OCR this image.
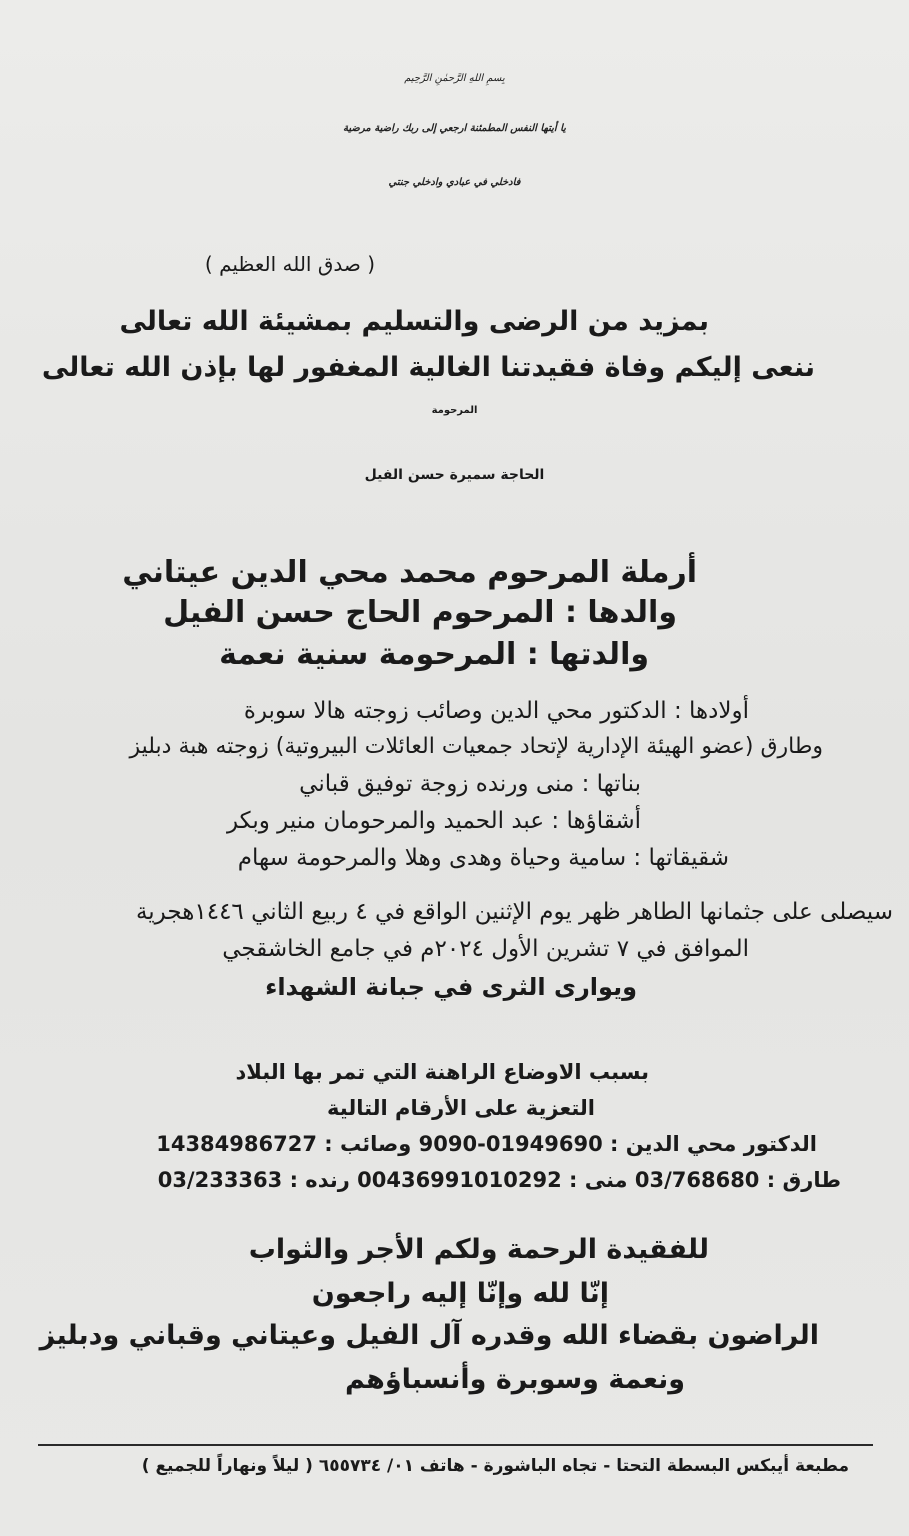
بِسمِ اللهِ الرَّحمٰنِ الرَّحِيم
يا أيتها النفس المطمئنة ارجعي إلى ربك راضية مرضية
فادخلي في عبادي وادخلي جنتي
( صدق الله العظيم )
بمزيد من الرضى والتسليم بمشيئة الله تعالى
ننعى إليكم وفاة فقيدتنا الغالية المغفور لها بإذن الله تعالى
المرحومة
الحاجة سميرة حسن الفيل
أرملة المرحوم محمد محي الدين عيتاني
والدها : المرحوم الحاج حسن الفيل
والدتها : المرحومة سنية نعمة
أولادها : الدكتور محي الدين وصائب زوجته هالا سوبرة
وطارق (عضو الهيئة الإدارية لإتحاد جمعيات العائلات البيروتية) زوجته هبة دبليز
بناتها : منى ورنده زوجة توفيق قباني
أشقاؤها : عبد الحميد والمرحومان منير وبكر
شقيقاتها : سامية وحياة وهدى وهلا والمرحومة سهام
سيصلى على جثمانها الطاهر ظهر يوم الإثنين الواقع في ٤ ربيع الثاني ١٤٤٦هجرية
الموافق في ٧ تشرين الأول ٢٠٢٤م في جامع الخاشقجي
ويوارى الثرى في جبانة الشهداء
بسبب الاوضاع الراهنة التي تمر بها البلاد
التعزية على الأرقام التالية
الدكتور محي الدين : 01949690-9090 وصائب : 14384986727
طارق : 03/768680 منى : 00436991010292 رنده : 03/233363
للفقيدة الرحمة ولكم الأجر والثواب
إنّا لله وإنّا إليه راجعون
الراضون بقضاء الله وقدره آل الفيل وعيتاني وقباني ودبليز
ونعمة وسوبرة وأنسباؤهم
مطبعة أيبكس البسطة التحتا - تجاه الباشورة - هاتف ٠١/ ٦٥٥٧٣٤ ( ليلاً ونهاراً للجميع )
